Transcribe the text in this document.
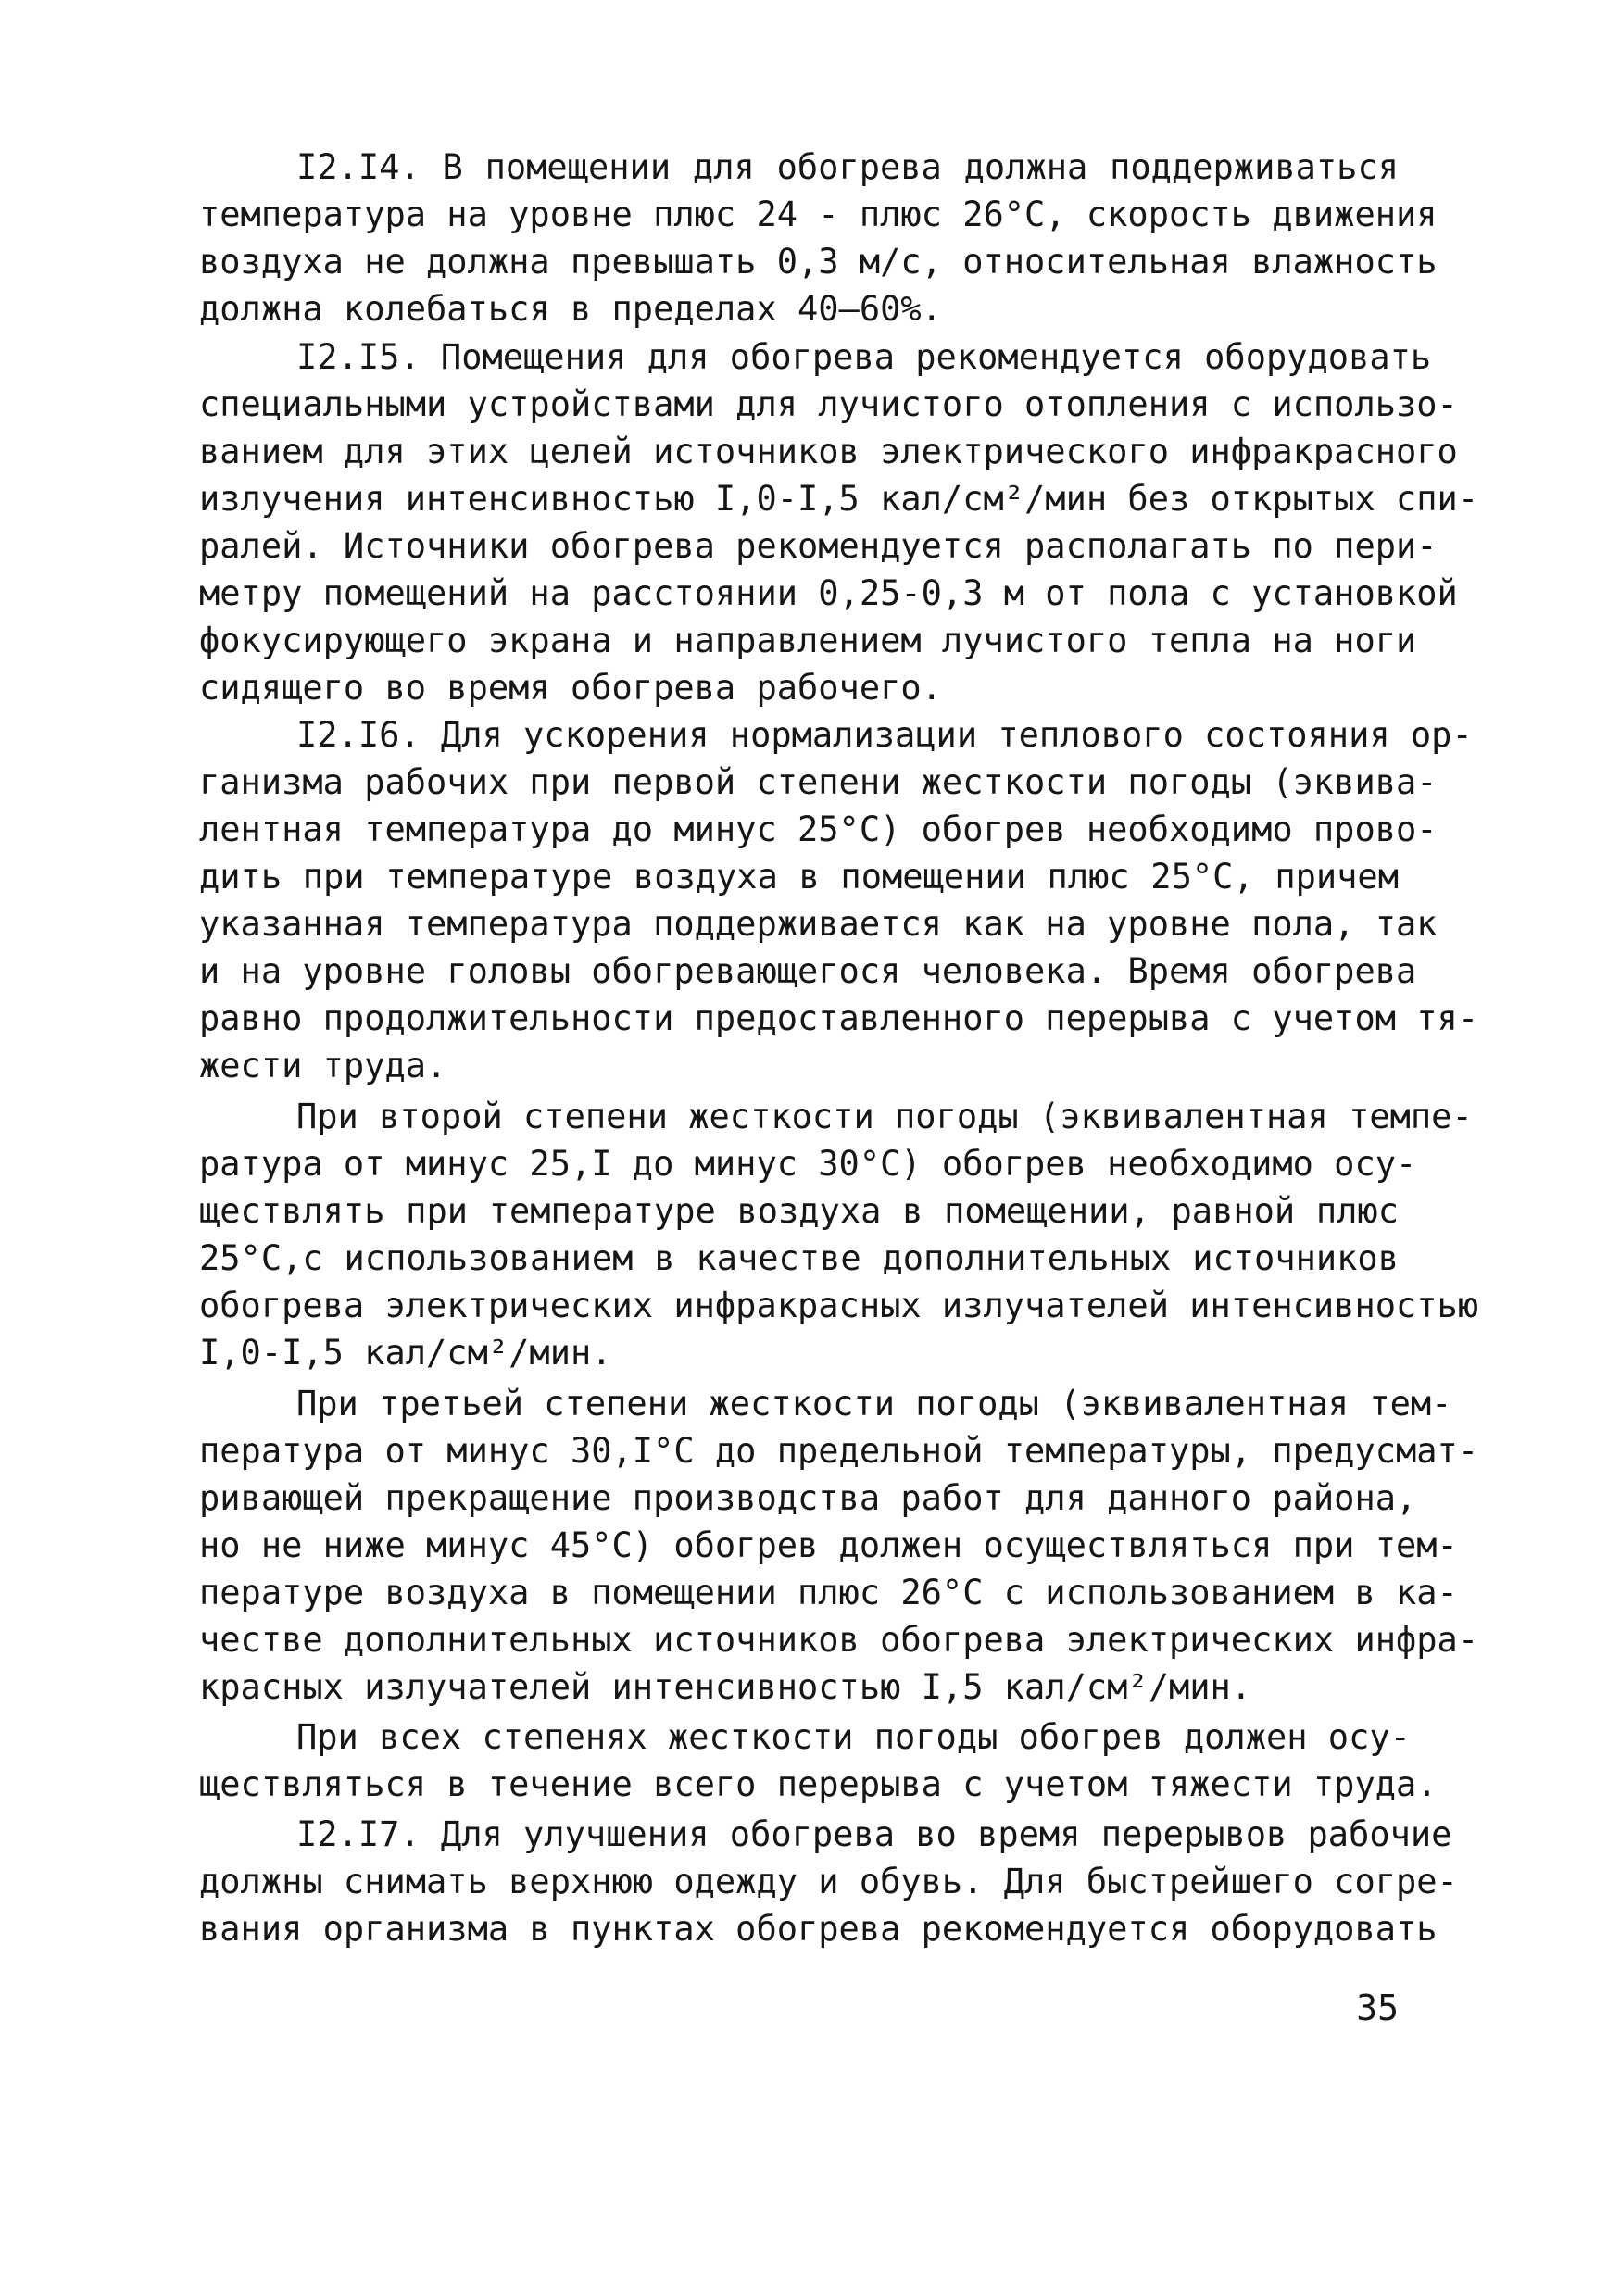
I2.I4. В помещении для обогрева должна поддерживаться
температура на уровне плюс 24 - плюс 26°С, скорость движения
воздуха не должна превышать 0,3 м/с, относительная влажность
должна колебаться в пределах 40–60%.
I2.I5. Помещения для обогрева рекомендуется оборудовать
специальными устройствами для лучистого отопления с использо-
ванием для этих целей источников электрического инфракрасного
излучения интенсивностью I,0-I,5 кал/см²/мин без открытых спи-
ралей. Источники обогрева рекомендуется располагать по пери-
метру помещений на расстоянии 0,25-0,3 м от пола с установкой
фокусирующего экрана и направлением лучистого тепла на ноги
сидящего во время обогрева рабочего.
I2.I6. Для ускорения нормализации теплового состояния ор-
ганизма рабочих при первой степени жесткости погоды (эквива-
лентная температура до минус 25°С) обогрев необходимо прово-
дить при температуре воздуха в помещении плюс 25°С, причем
указанная температура поддерживается как на уровне пола, так
и на уровне головы обогревающегося человека. Время обогрева
равно продолжительности предоставленного перерыва с учетом тя-
жести труда.
При второй степени жесткости погоды (эквивалентная темпе-
ратура от минус 25,I до минус 30°С) обогрев необходимо осу-
ществлять при температуре воздуха в помещении, равной плюс
25°С,с использованием в качестве дополнительных источников
обогрева электрических инфракрасных излучателей интенсивностью
I,0-I,5 кал/см²/мин.
При третьей степени жесткости погоды (эквивалентная тем-
пература от минус 30,I°С до предельной температуры, предусмат-
ривающей прекращение производства работ для данного района,
но не ниже минус 45°С) обогрев должен осуществляться при тем-
пературе воздуха в помещении плюс 26°С с использованием в ка-
честве дополнительных источников обогрева электрических инфра-
красных излучателей интенсивностью I,5 кал/см²/мин.
При всех степенях жесткости погоды обогрев должен осу-
ществляться в течение всего перерыва с учетом тяжести труда.
I2.I7. Для улучшения обогрева во время перерывов рабочие
должны снимать верхнюю одежду и обувь. Для быстрейшего согре-
вания организма в пунктах обогрева рекомендуется оборудовать
35
